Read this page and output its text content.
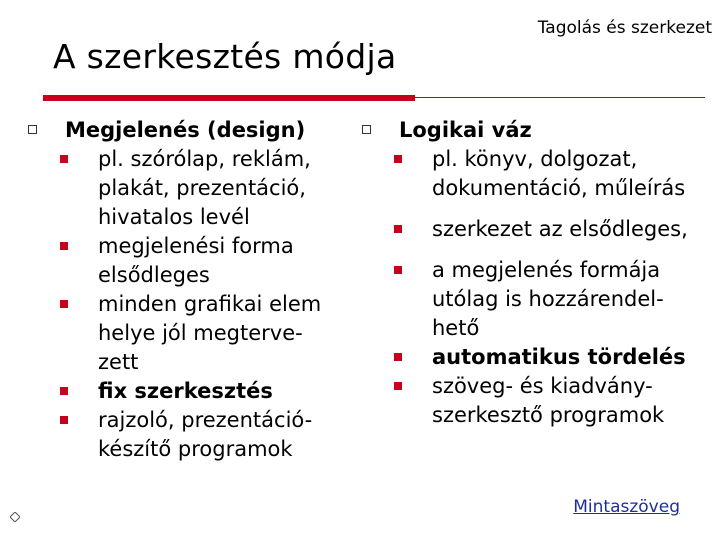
Tagolás és szerkezet
A szerkesztés módja
Megjelenés (design)
pl. szórólap, reklám,
plakát, prezentáció,
hivatalos levél
megjelenési forma
elsődleges
minden grafikai elem
helye jól megterve-
zett
fix szerkesztés
rajzoló, prezentáció-
készítő programok
Logikai váz
pl. könyv, dolgozat,
dokumentáció, műleírás
szerkezet az elsődleges,
a megjelenés formája
utólag is hozzárendel-
hető
automatikus tördelés
szöveg- és kiadvány-
szerkesztő programok
Mintaszöveg
